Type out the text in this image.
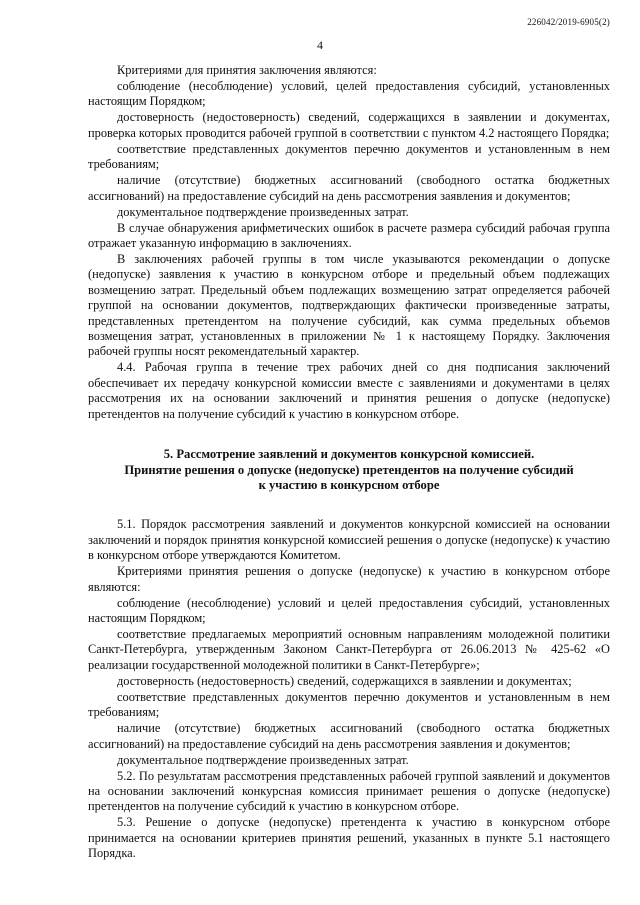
226042/2019-6905(2)
4

Критериями для принятия заключения являются:

соблюдение (несоблюдение) условий, целей предоставления субсидий, установленных настоящим Порядком;

достоверность (недостоверность) сведений, содержащихся в заявлении и документах, проверка которых проводится рабочей группой в соответствии с пунктом 4.2 настоящего Порядка;

соответствие представленных документов перечню документов и установленным в нем требованиям;

наличие (отсутствие) бюджетных ассигнований (свободного остатка бюджетных ассигнований) на предоставление субсидий на день рассмотрения заявления и документов;

документальное подтверждение произведенных затрат.

В случае обнаружения арифметических ошибок в расчете размера субсидий рабочая группа отражает указанную информацию в заключениях.

В заключениях рабочей группы в том числе указываются рекомендации о допуске (недопуске) заявления к участию в конкурсном отборе и предельный объем подлежащих возмещению затрат. Предельный объем подлежащих возмещению затрат определяется рабочей группой на основании документов, подтверждающих фактически произведенные затраты, представленных претендентом на получение субсидий, как сумма предельных объемов возмещения затрат, установленных в приложении № 1 к настоящему Порядку. Заключения рабочей группы носят рекомендательный характер.

4.4. Рабочая группа в течение трех рабочих дней со дня подписания заключений обеспечивает их передачу конкурсной комиссии вместе с заявлениями и документами в целях рассмотрения их на основании заключений и принятия решения о допуске (недопуске) претендентов на получение субсидий к участию в конкурсном отборе.

5. Рассмотрение заявлений и документов конкурсной комиссией.
Принятие решения о допуске (недопуске) претендентов на получение субсидий
к участию в конкурсном отборе

5.1. Порядок рассмотрения заявлений и документов конкурсной комиссией на основании заключений и порядок принятия конкурсной комиссией решения о допуске (недопуске) к участию в конкурсном отборе утверждаются Комитетом.

Критериями принятия решения о допуске (недопуске) к участию в конкурсном отборе являются:

соблюдение (несоблюдение) условий и целей предоставления субсидий, установленных настоящим Порядком;

соответствие предлагаемых мероприятий основным направлениям молодежной политики Санкт-Петербурга, утвержденным Законом Санкт-Петербурга от 26.06.2013 № 425-62 «О реализации государственной молодежной политики в Санкт-Петербурге»;

достоверность (недостоверность) сведений, содержащихся в заявлении и документах;

соответствие представленных документов перечню документов и установленным в нем требованиям;

наличие (отсутствие) бюджетных ассигнований (свободного остатка бюджетных ассигнований) на предоставление субсидий на день рассмотрения заявления и документов;

документальное подтверждение произведенных затрат.

5.2. По результатам рассмотрения представленных рабочей группой заявлений и документов на основании заключений конкурсная комиссия принимает решения о допуске (недопуске) претендентов на получение субсидий к участию в конкурсном отборе.

5.3. Решение о допуске (недопуске) претендента к участию в конкурсном отборе принимается на основании критериев принятия решений, указанных в пункте 5.1 настоящего Порядка.
